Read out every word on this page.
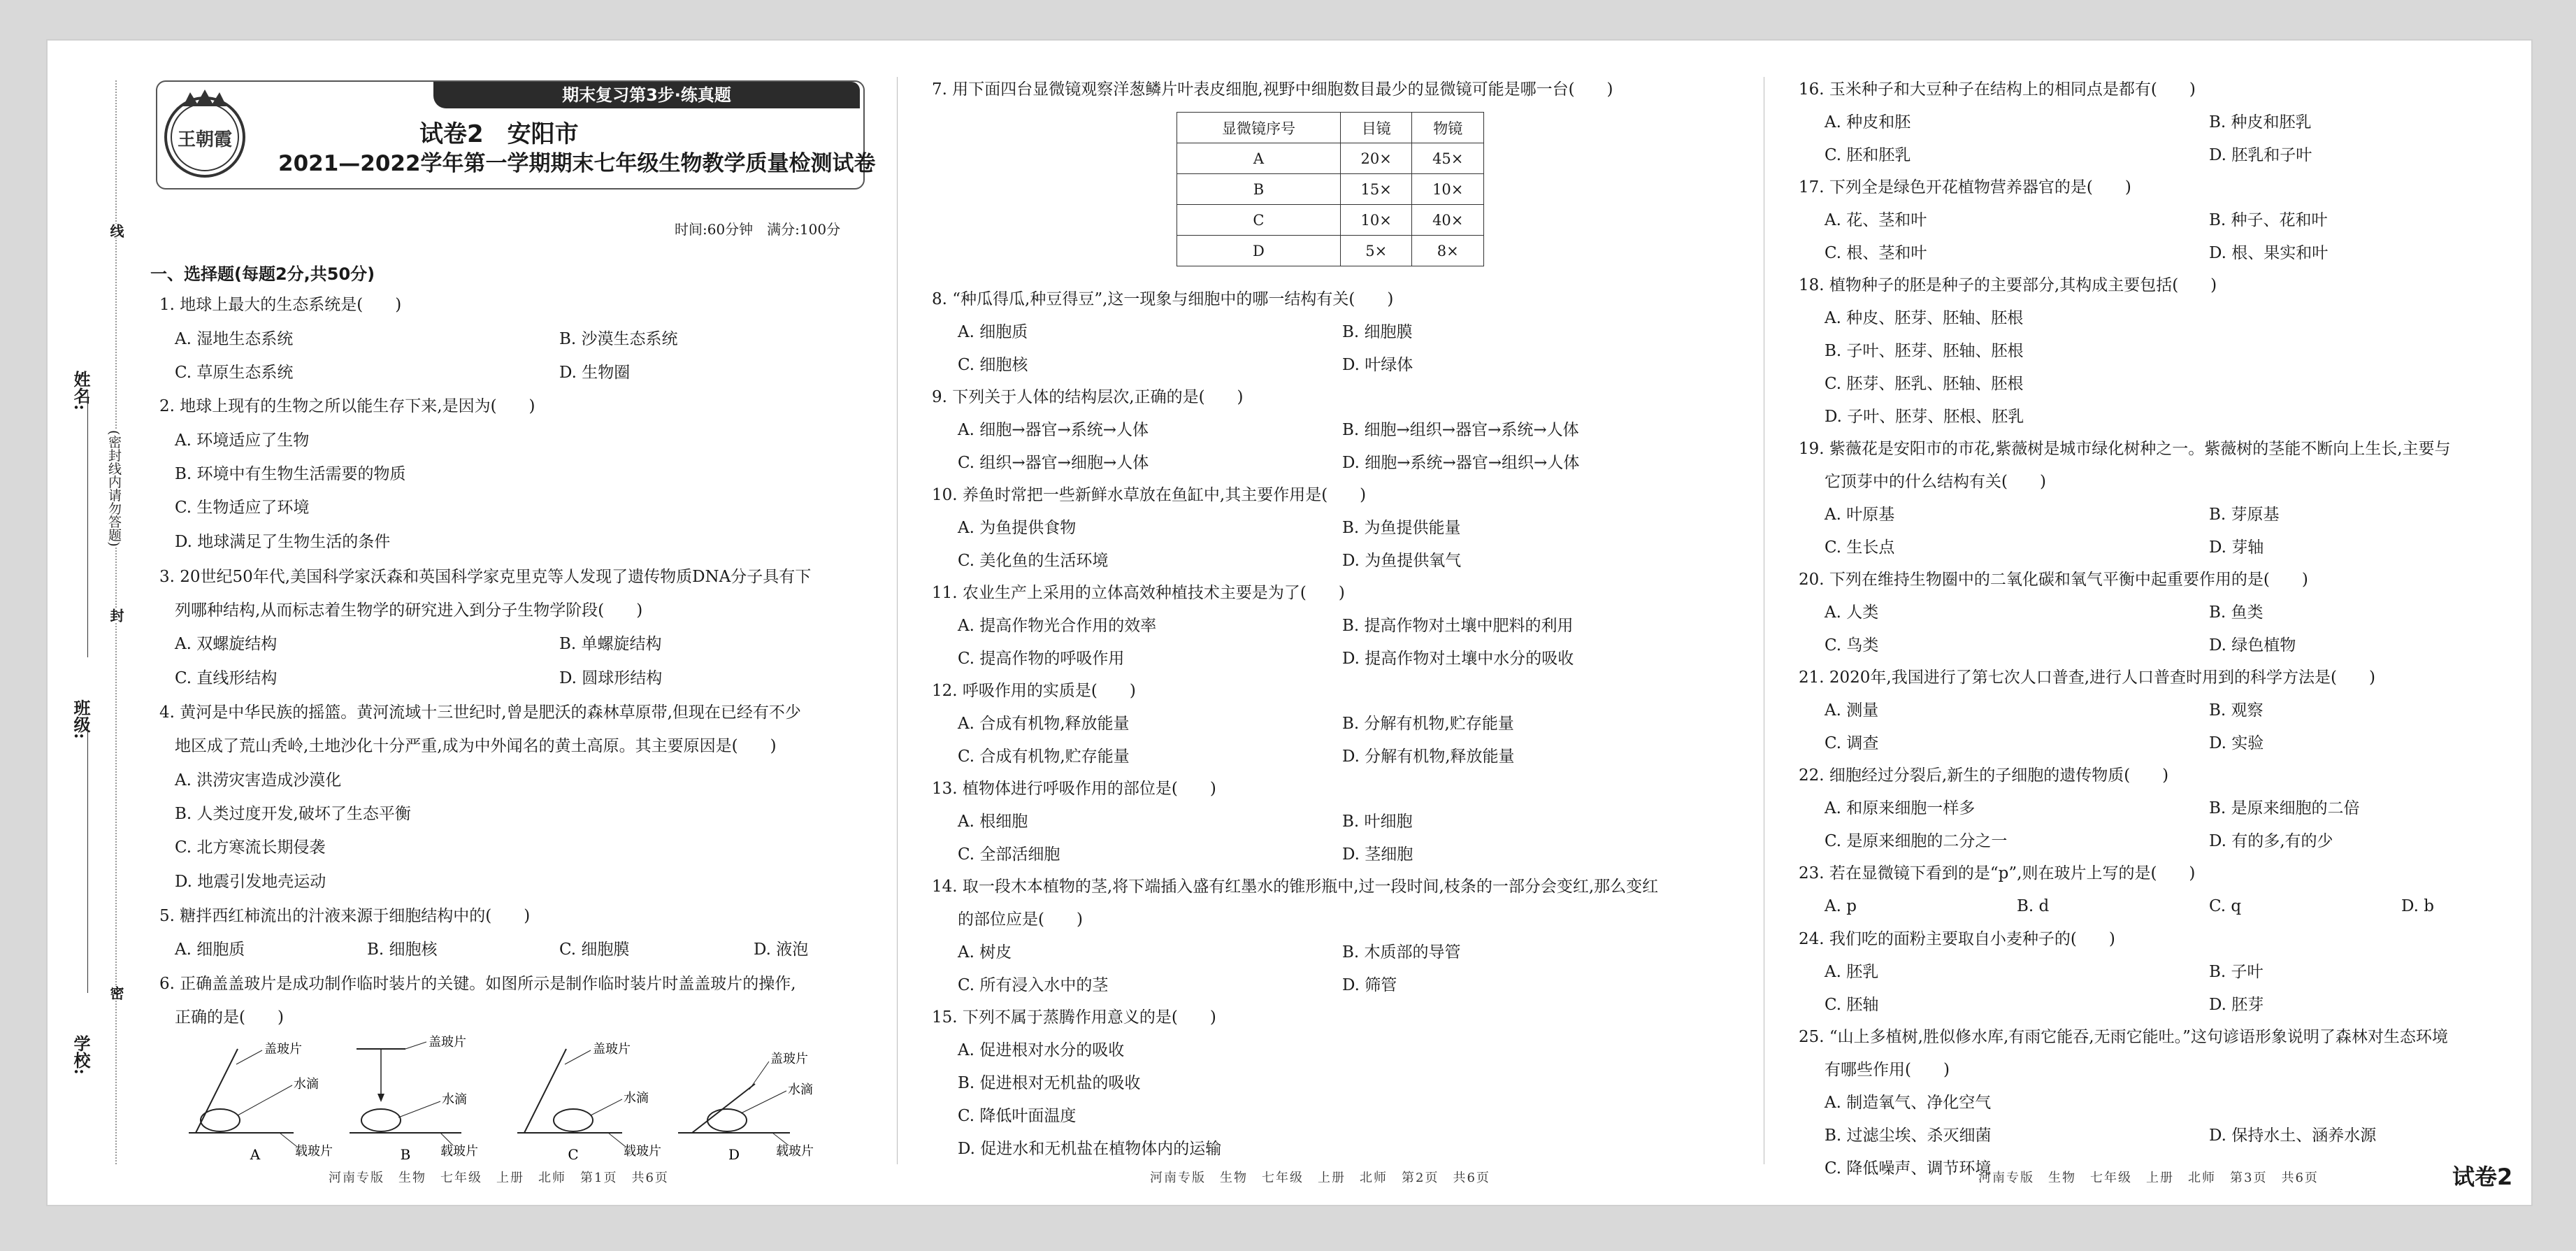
姓名:
班级:
学校:
(密封线内请勿答题)
线
封
密
期末复习第3步·练真题
王朝霞	试卷2　安阳市
2021—2022学年第一学期期末七年级生物教学质量检测试卷
时间:60分钟　满分:100分
一、选择题(每题2分,共50分)
1. 地球上最大的生态系统是(　　)
A. 湿地生态系统	B. 沙漠生态系统
C. 草原生态系统	D. 生物圈
2. 地球上现有的生物之所以能生存下来,是因为(　　)
A. 环境适应了生物
B. 环境中有生物生活需要的物质
C. 生物适应了环境
D. 地球满足了生物生活的条件
3. 20世纪50年代,美国科学家沃森和英国科学家克里克等人发现了遗传物质DNA分子具有下
列哪种结构,从而标志着生物学的研究进入到分子生物学阶段(　　)
A. 双螺旋结构	B. 单螺旋结构
C. 直线形结构	D. 圆球形结构
4. 黄河是中华民族的摇篮。黄河流域十三世纪时,曾是肥沃的森林草原带,但现在已经有不少
地区成了荒山秃岭,土地沙化十分严重,成为中外闻名的黄土高原。其主要原因是(　　)
A. 洪涝灾害造成沙漠化
B. 人类过度开发,破坏了生态平衡
C. 北方寒流长期侵袭
D. 地震引发地壳运动
5. 糖拌西红柿流出的汁液来源于细胞结构中的(　　)
A. 细胞质	B. 细胞核	C. 细胞膜	D. 液泡
6. 正确盖盖玻片是成功制作临时装片的关键。如图所示是制作临时装片时盖盖玻片的操作,
正确的是(　　)
盖玻片
水滴
载玻片
A
盖玻片
水滴
载玻片
B
盖玻片
水滴
载玻片
C
盖玻片
水滴
载玻片
D
7. 用下面四台显微镜观察洋葱鳞片叶表皮细胞,视野中细胞数目最少的显微镜可能是哪一台(　　)
显微镜序号	目镜	物镜
A	20×	45×
B	15×	10×
C	10×	40×
D	5×	8×
8. “种瓜得瓜,种豆得豆”,这一现象与细胞中的哪一结构有关(　　)
A. 细胞质	B. 细胞膜
C. 细胞核	D. 叶绿体
9. 下列关于人体的结构层次,正确的是(　　)
A. 细胞→器官→系统→人体	B. 细胞→组织→器官→系统→人体
C. 组织→器官→细胞→人体	D. 细胞→系统→器官→组织→人体
10. 养鱼时常把一些新鲜水草放在鱼缸中,其主要作用是(　　)
A. 为鱼提供食物	B. 为鱼提供能量
C. 美化鱼的生活环境	D. 为鱼提供氧气
11. 农业生产上采用的立体高效种植技术主要是为了(　　)
A. 提高作物光合作用的效率	B. 提高作物对土壤中肥料的利用
C. 提高作物的呼吸作用	D. 提高作物对土壤中水分的吸收
12. 呼吸作用的实质是(　　)
A. 合成有机物,释放能量	B. 分解有机物,贮存能量
C. 合成有机物,贮存能量	D. 分解有机物,释放能量
13. 植物体进行呼吸作用的部位是(　　)
A. 根细胞	B. 叶细胞
C. 全部活细胞	D. 茎细胞
14. 取一段木本植物的茎,将下端插入盛有红墨水的锥形瓶中,过一段时间,枝条的一部分会变红,那么变红
的部位应是(　　)
A. 树皮	B. 木质部的导管
C. 所有浸入水中的茎	D. 筛管
15. 下列不属于蒸腾作用意义的是(　　)
A. 促进根对水分的吸收
B. 促进根对无机盐的吸收
C. 降低叶面温度
D. 促进水和无机盐在植物体内的运输
16. 玉米种子和大豆种子在结构上的相同点是都有(　　)
A. 种皮和胚	B. 种皮和胚乳
C. 胚和胚乳	D. 胚乳和子叶
17. 下列全是绿色开花植物营养器官的是(　　)
A. 花、茎和叶	B. 种子、花和叶
C. 根、茎和叶	D. 根、果实和叶
18. 植物种子的胚是种子的主要部分,其构成主要包括(　　)
A. 种皮、胚芽、胚轴、胚根
B. 子叶、胚芽、胚轴、胚根
C. 胚芽、胚乳、胚轴、胚根
D. 子叶、胚芽、胚根、胚乳
19. 紫薇花是安阳市的市花,紫薇树是城市绿化树种之一。紫薇树的茎能不断向上生长,主要与
它顶芽中的什么结构有关(　　)
A. 叶原基	B. 芽原基
C. 生长点	D. 芽轴
20. 下列在维持生物圈中的二氧化碳和氧气平衡中起重要作用的是(　　)
A. 人类	B. 鱼类
C. 鸟类	D. 绿色植物
21. 2020年,我国进行了第七次人口普查,进行人口普查时用到的科学方法是(　　)
A. 测量	B. 观察
C. 调查	D. 实验
22. 细胞经过分裂后,新生的子细胞的遗传物质(　　)
A. 和原来细胞一样多	B. 是原来细胞的二倍
C. 是原来细胞的二分之一	D. 有的多,有的少
23. 若在显微镜下看到的是“p”,则在玻片上写的是(　　)
A. p	B. d	C. q	D. b
24. 我们吃的面粉主要取自小麦种子的(　　)
A. 胚乳	B. 子叶
C. 胚轴	D. 胚芽
25. “山上多植树,胜似修水库,有雨它能吞,无雨它能吐。”这句谚语形象说明了森林对生态环境
有哪些作用(　　)
A. 制造氧气、净化空气
B. 过滤尘埃、杀灭细菌
C. 降低噪声、调节环境
河南专版　生物　七年级　上册　北师　第1页　共6页	河南专版　生物　七年级　上册　北师　第2页　共6页	河南专版　生物　七年级　上册　北师　第3页　共6页	试卷2
D. 保持水土、涵养水源
